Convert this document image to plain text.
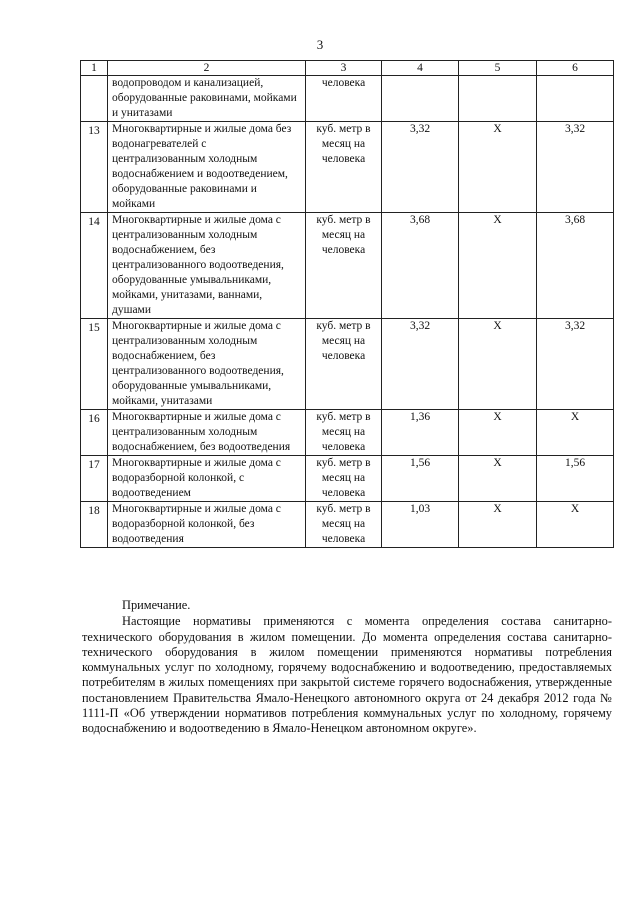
3
1	2	3	4	5	6
	водопроводом и канализацией, оборудованные раковинами, мойками и унитазами	человека			
13	Многоквартирные и жилые дома без водонагревателей с централизованным холодным водоснабжением и водоотведением, оборудованные раковинами и мойками	куб. метр в месяц на человека	3,32	Х	3,32
14	Многоквартирные и жилые дома с централизованным холодным водоснабжением, без централизованного водоотведения, оборудованные умывальниками, мойками, унитазами, ваннами, душами	куб. метр в месяц на человека	3,68	Х	3,68
15	Многоквартирные и жилые дома с централизованным холодным водоснабжением, без централизованного водоотведения, оборудованные умывальниками, мойками, унитазами	куб. метр в месяц на человека	3,32	Х	3,32
16	Многоквартирные и жилые дома с централизованным холодным водоснабжением, без водоотведения	куб. метр в месяц на человека	1,36	Х	Х
17	Многоквартирные и жилые дома с водоразборной колонкой, с водоотведением	куб. метр в месяц на человека	1,56	Х	1,56
18	Многоквартирные и жилые дома с водоразборной колонкой, без водоотведения	куб. метр в месяц на человека	1,03	Х	Х

Примечание.

Настоящие нормативы применяются с момента определения состава санитарно-технического оборудования в жилом помещении. До момента определения состава санитарно-технического оборудования в жилом помещении применяются нормативы потребления коммунальных услуг по холодному, горячему водоснабжению и водоотведению, предоставляемых потребителям в жилых помещениях при закрытой системе горячего водоснабжения, утвержденные постановлением Правительства Ямало-Ненецкого автономного округа от 24 декабря 2012 года № 1111-П «Об утверждении нормативов потребления коммунальных услуг по холодному, горячему водоснабжению и водоотведению в Ямало-Ненецком автономном округе».
